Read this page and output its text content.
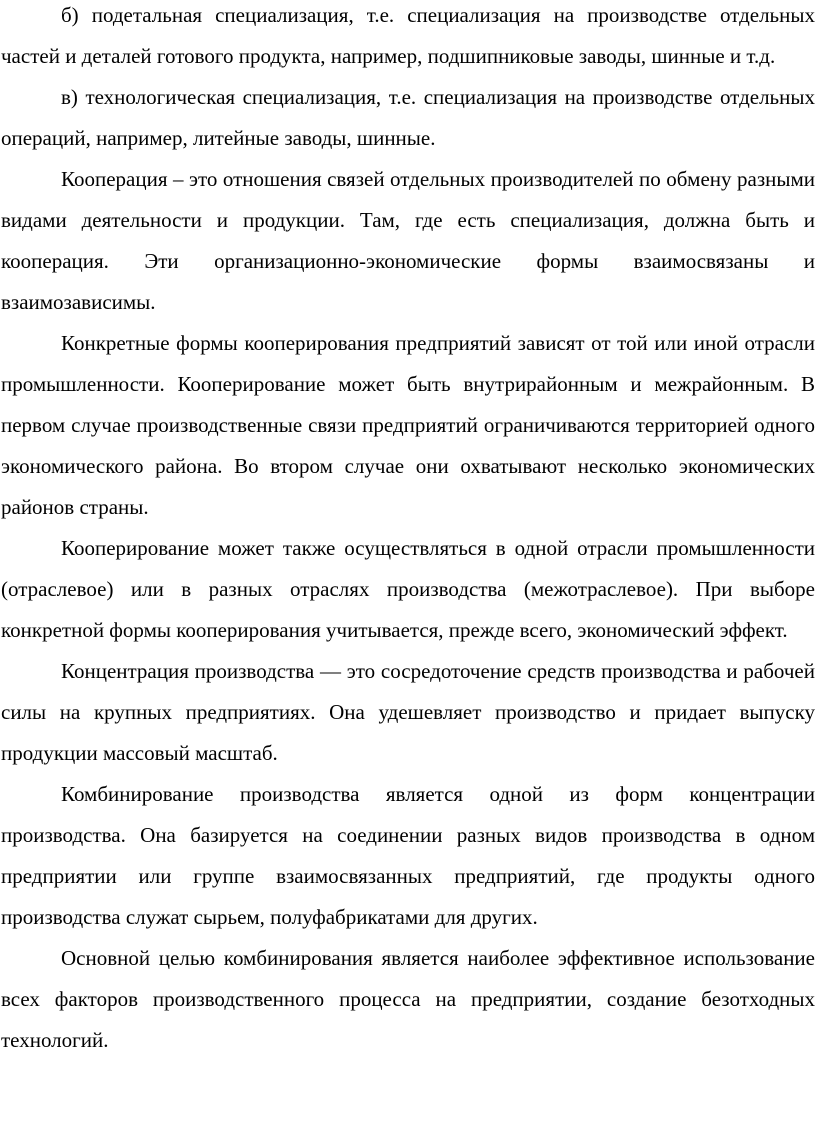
б) подетальная специализация, т.е. специализация на производстве отдельных частей и деталей готового продукта, например, подшипниковые заводы, шинные и т.д.

в) технологическая специализация, т.е. специализация на производстве отдельных операций, например, литейные заводы, шинные.

Кооперация – это отношения связей отдельных производителей по обмену разными видами деятельности и продукции. Там, где есть специализация, должна быть и кооперация. Эти организационно-экономические формы взаимосвязаны и взаимозависимы.

Конкретные формы кооперирования предприятий зависят от той или иной отрасли промышленности. Кооперирование может быть внутрирайонным и межрайонным. В первом случае производственные связи предприятий ограничиваются территорией одного экономического района. Во втором случае они охватывают несколько экономических районов страны.

Кооперирование может также осуществляться в одной отрасли промышленности (отраслевое) или в разных отраслях производства (межотраслевое). При выборе конкретной формы кооперирования учитывается, прежде всего, экономический эффект.

Концентрация производства — это сосредоточение средств производства и рабочей силы на крупных предприятиях. Она удешевляет производство и придает выпуску продукции массовый масштаб.

Комбинирование производства является одной из форм концентрации производства. Она базируется на соединении разных видов производства в одном предприятии или группе взаимосвязанных предприятий, где продукты одного производства служат сырьем, полуфабрикатами для других.

Основной целью комбинирования является наиболее эффективное использование всех факторов производственного процесса на предприятии, создание безотходных технологий.
